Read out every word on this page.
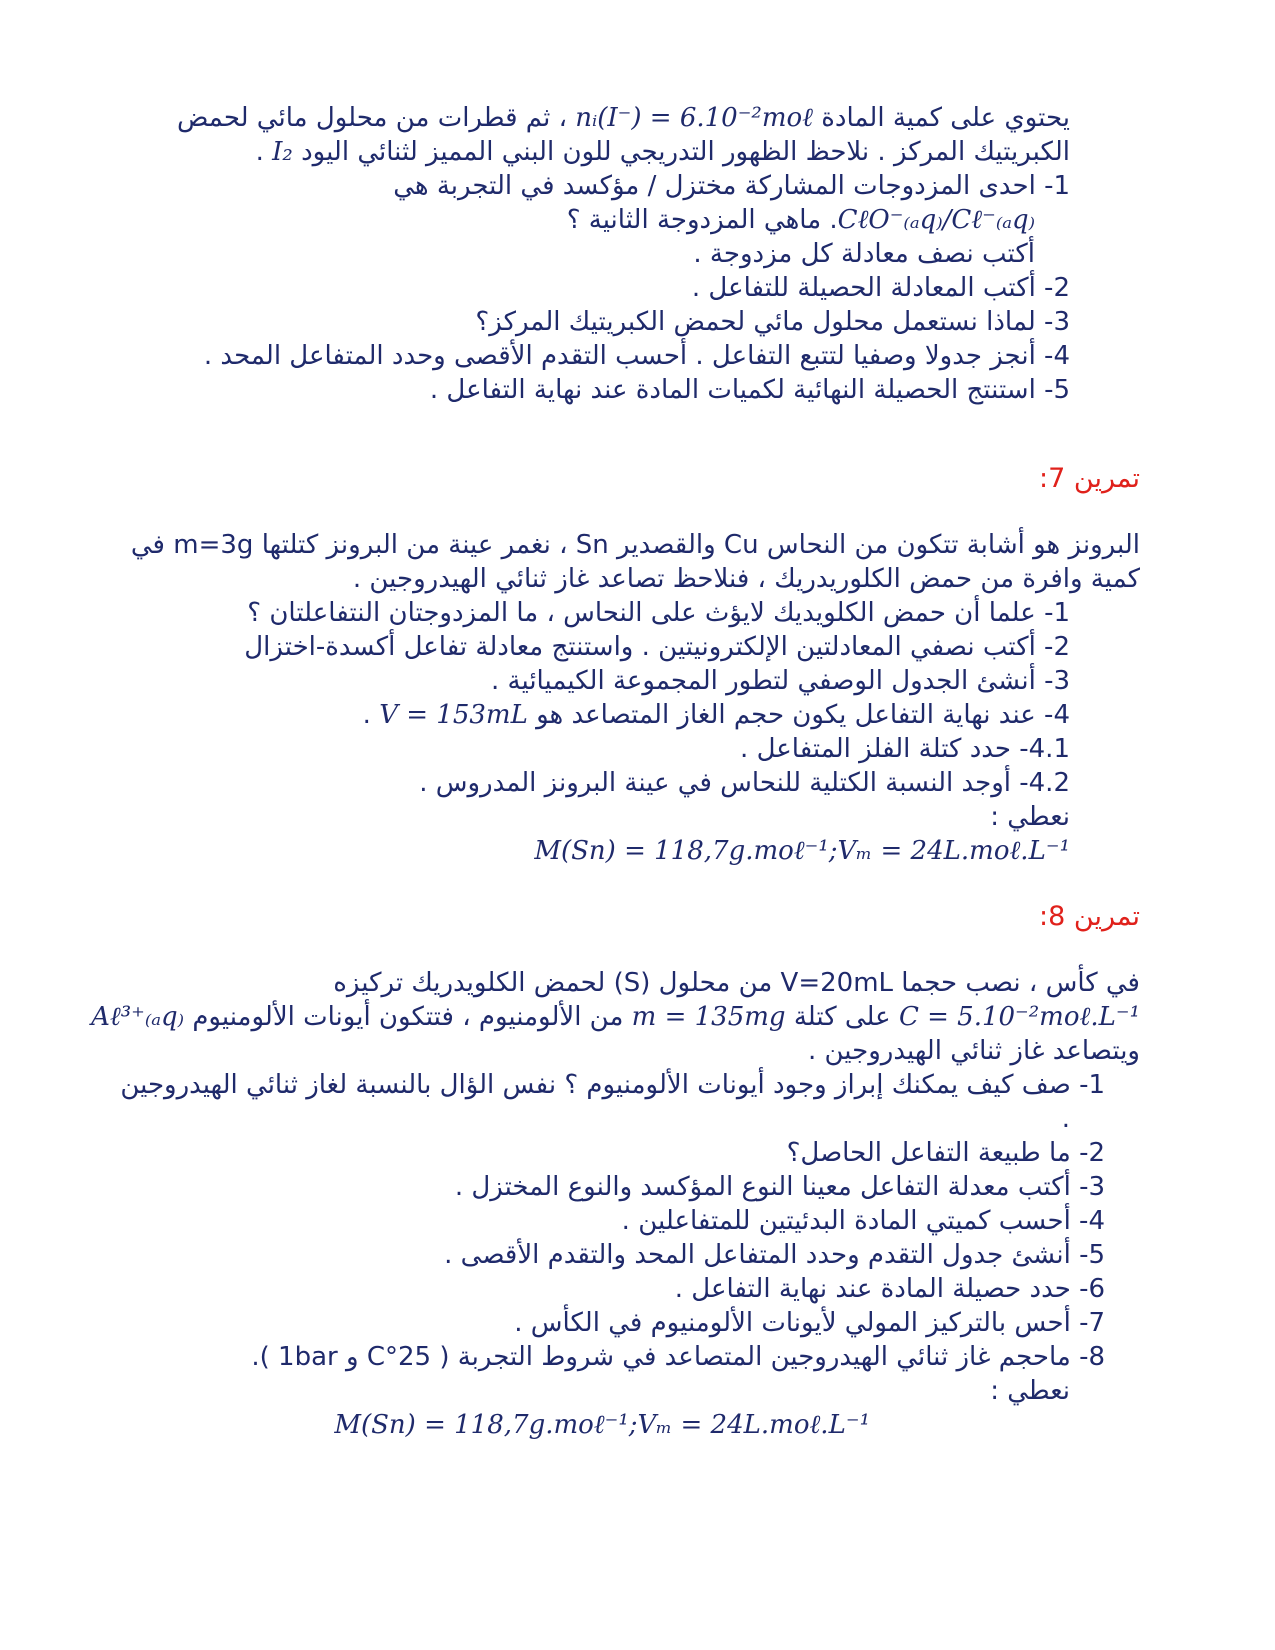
يحتوي على كمية المادة nᵢ(I⁻) = 6.10⁻²moℓ ، ثم قطرات من محلول مائي لحمض
الكبريتيك المركز . نلاحظ الظهور التدريجي للون البني المميز لثنائي اليود I₂ .
1- احدى المزدوجات المشاركة مختزل / مؤكسد في التجربة هي
CℓO⁻₍ₐq₎/Cℓ⁻₍ₐq₎. ماهي المزدوجة الثانية ؟
أكتب نصف معادلة كل مزدوجة .
2- أكتب المعادلة الحصيلة للتفاعل .
3- لماذا نستعمل محلول مائي لحمض الكبريتيك المركز؟
4- أنجز جدولا وصفيا لتتبع التفاعل . أحسب التقدم الأقصى وحدد المتفاعل المحد .
5- استنتج الحصيلة النهائية لكميات المادة عند نهاية التفاعل .
تمرين 7:
البرونز هو أشابة تتكون من النحاس Cu والقصدير Sn ، نغمر عينة من البرونز كتلتها m=3g في
كمية وافرة من حمض الكلوريدريك ، فنلاحظ تصاعد غاز ثنائي الهيدروجين .
1- علما أن حمض الكلويديك لايؤث على النحاس ، ما المزدوجتان النتفاعلتان ؟
2- أكتب نصفي المعادلتين الإلكترونيتين . واستنتج معادلة تفاعل أكسدة-اختزال
3- أنشئ الجدول الوصفي لتطور المجموعة الكيميائية .
4- عند نهاية التفاعل يكون حجم الغاز المتصاعد هو V = 153mL .
4.1- حدد كتلة الفلز المتفاعل .
4.2- أوجد النسبة الكتلية للنحاس في عينة البرونز المدروس .
نعطي :
M(Sn) = 118,7g.moℓ⁻¹;Vₘ = 24L.moℓ.L⁻¹
تمرين 8:
في كأس ، نصب حجما V=20mL من محلول (S) لحمض الكلويدريك تركيزه
C = 5.10⁻²moℓ.L⁻¹ على كتلة m = 135mg من الألومنيوم ، فتتكون أيونات الألومنيوم Aℓ³⁺₍ₐq₎
ويتصاعد غاز ثنائي الهيدروجين .
1- صف كيف يمكنك إبراز وجود أيونات الألومنيوم ؟ نفس الؤال بالنسبة لغاز ثنائي الهيدروجين
.
2- ما طبيعة التفاعل الحاصل؟
3- أكتب معدلة التفاعل معينا النوع المؤكسد والنوع المختزل .
4- أحسب كميتي المادة البدئيتين للمتفاعلين .
5- أنشئ جدول التقدم وحدد المتفاعل المحد والتقدم الأقصى .
6- حدد حصيلة المادة عند نهاية التفاعل .
7- أحس بالتركيز المولي لأيونات الألومنيوم في الكأس .
8- ماحجم غاز ثنائي الهيدروجين المتصاعد في شروط التجربة ( 25°C و 1bar ).
نعطي :
M(Sn) = 118,7g.moℓ⁻¹;Vₘ = 24L.moℓ.L⁻¹
